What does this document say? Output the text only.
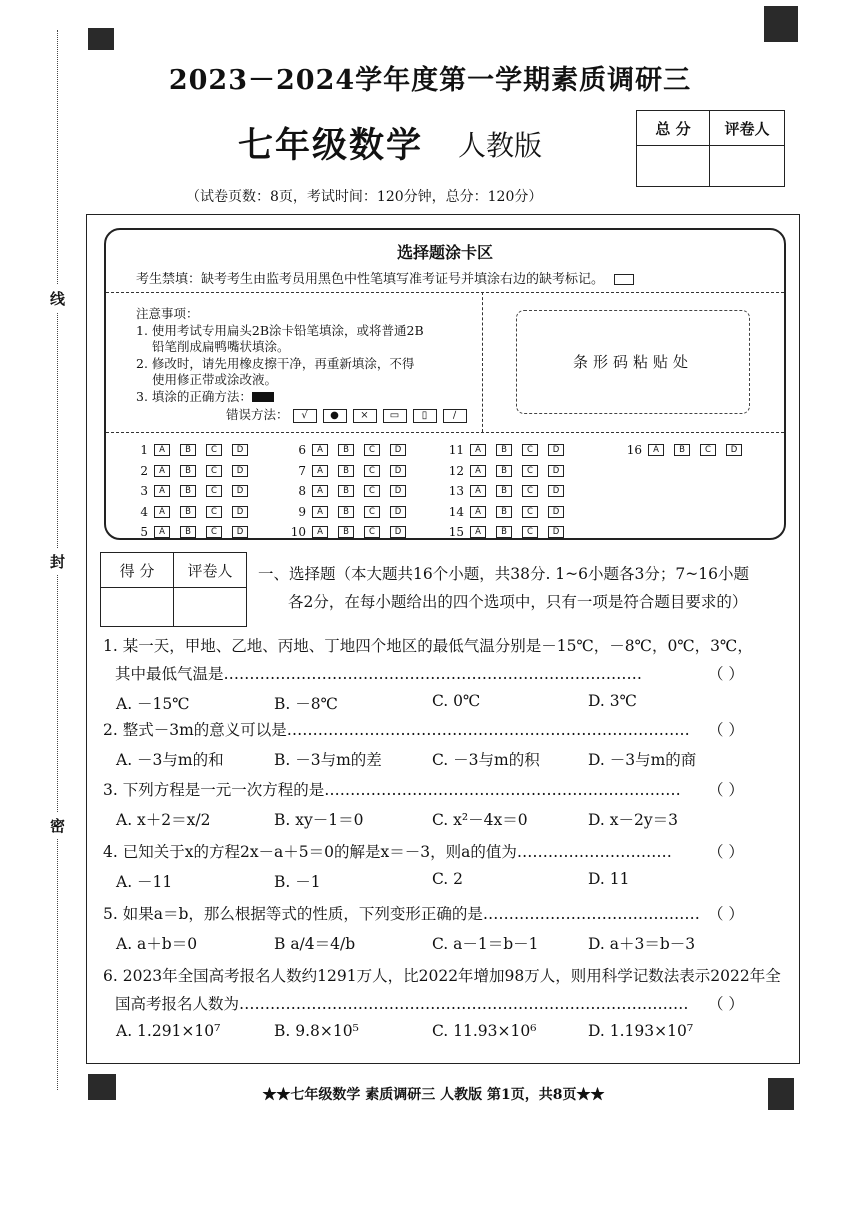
线
封
密
2023－2024学年度第一学期素质调研三
七年级数学 人教版
（试卷页数：8页，考试时间：120分钟，总分：120分）
总 分	评卷人

选择题涂卡区
考生禁填：缺考考生由监考员用黑色中性笔填写准考证号并填涂右边的缺考标记。
注意事项：
1. 使用考试专用扁头2B涂卡铅笔填涂，或将普通2B
铅笔削成扁鸭嘴状填涂。
2. 修改时，请先用橡皮擦干净，再重新填涂，不得
使用修正带或涂改液。
3. 填涂的正确方法：
错误方法： √ ● × ▭ ▯	∕
条形码粘贴处
1	A	B	C	D
2	A	B	C	D
3	A	B	C	D
4	A	B	C	D
5	A	B	C	D
6	A	B	C	D
7	A	B	C	D
8	A	B	C	D
9	A	B	C	D
10	A	B	C	D
11	A	B	C	D
12	A	B	C	D
13	A	B	C	D
14	A	B	C	D
15	A	B	C	D
16	A	B	C	D
得 分	评卷人
	一、选择题（本大题共16个小题，共38分. 1~6小题各3分；7~16小题
各2分，在每小题给出的四个选项中，只有一项是符合题目要求的）
1. 某一天，甲地、乙地、丙地、丁地四个地区的最低气温分别是－15℃，－8℃，0℃，3℃，
其中最低气温是………………………………………………………………………	（ ）
A. －15℃	B. －8℃	C. 0℃	D. 3℃
2. 整式－3m的意义可以是……………………………………………………………………	（ ）
A. －3与m的和	B. －3与m的差	C. －3与m的积	D. －3与m的商
3. 下列方程是一元一次方程的是……………………………………………………………	（ ）
A. x＋2＝x/2	B. xy－1＝0	C. x²－4x＝0	D. x－2y＝3
4. 已知关于x的方程2x－a＋5＝0的解是x＝－3，则a的值为…………………………	（ ）
A. －11	B. －1	C. 2	D. 11
5. 如果a＝b，那么根据等式的性质，下列变形正确的是…………………………………… （ ）
A. a＋b＝0	B a/4＝4/b	C. a－1＝b－1	D. a＋3＝b－3
6. 2023年全国高考报名人数约1291万人，比2022年增加98万人，则用科学记数法表示2022年全
国高考报名人数为……………………………………………………………………………	（ ）
A. 1.291×10⁷	B. 9.8×10⁵	C. 11.93×10⁶	D. 1.193×10⁷
★★七年级数学 素质调研三 人教版 第1页，共8页★★
